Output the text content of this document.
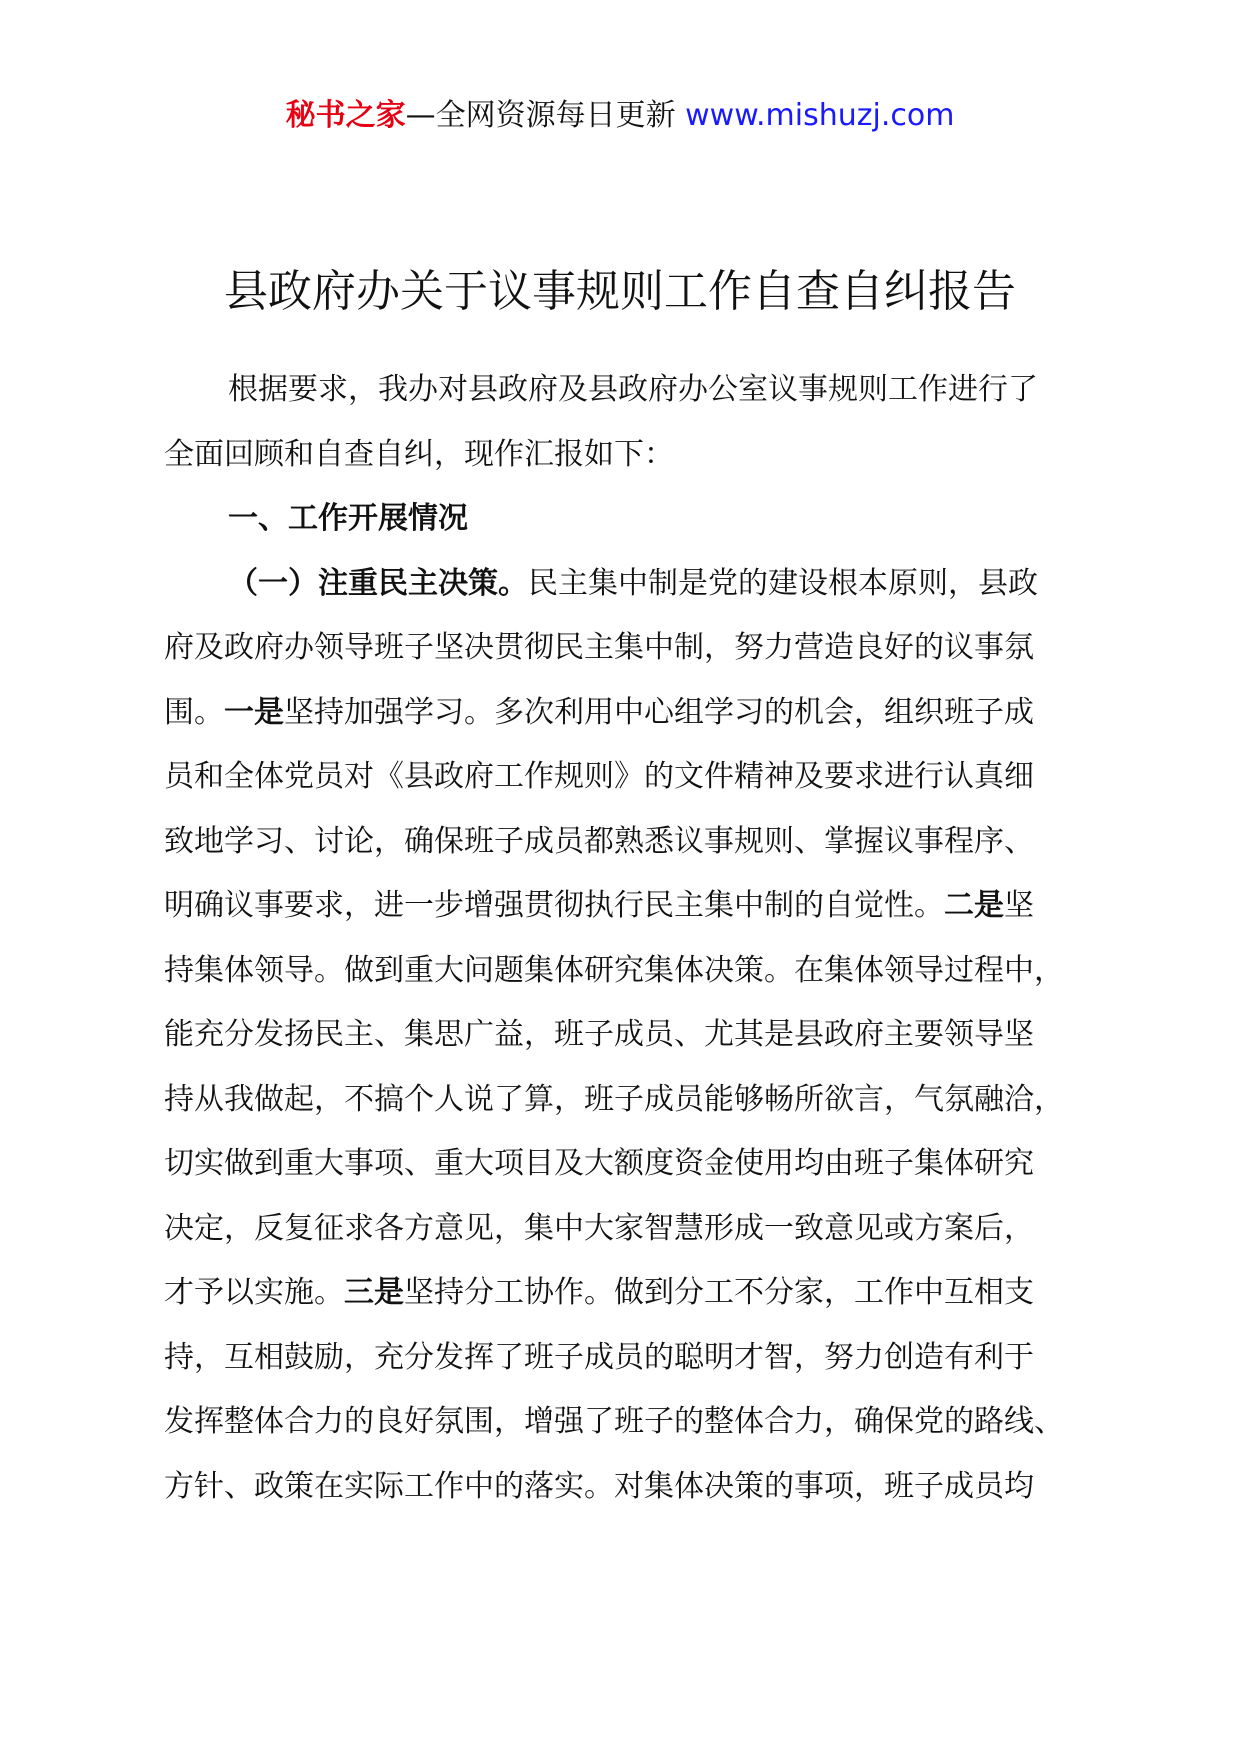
秘书之家—全网资源每日更新 www.mishuzj.com
县政府办关于议事规则工作自查自纠报告
根据要求，我办对县政府及县政府办公室议事规则工作进行了
全面回顾和自查自纠，现作汇报如下：
一、工作开展情况
（一）注重民主决策。民主集中制是党的建设根本原则，县政
府及政府办领导班子坚决贯彻民主集中制，努力营造良好的议事氛
围。一是坚持加强学习。多次利用中心组学习的机会，组织班子成
员和全体党员对《县政府工作规则》的文件精神及要求进行认真细
致地学习、讨论，确保班子成员都熟悉议事规则、掌握议事程序、
明确议事要求，进一步增强贯彻执行民主集中制的自觉性。二是坚
持集体领导。做到重大问题集体研究集体决策。在集体领导过程中，
能充分发扬民主、集思广益，班子成员、尤其是县政府主要领导坚
持从我做起，不搞个人说了算，班子成员能够畅所欲言，气氛融洽，
切实做到重大事项、重大项目及大额度资金使用均由班子集体研究
决定，反复征求各方意见，集中大家智慧形成一致意见或方案后，
才予以实施。三是坚持分工协作。做到分工不分家，工作中互相支
持，互相鼓励，充分发挥了班子成员的聪明才智，努力创造有利于
发挥整体合力的良好氛围，增强了班子的整体合力，确保党的路线、
方针、政策在实际工作中的落实。对集体决策的事项，班子成员均
